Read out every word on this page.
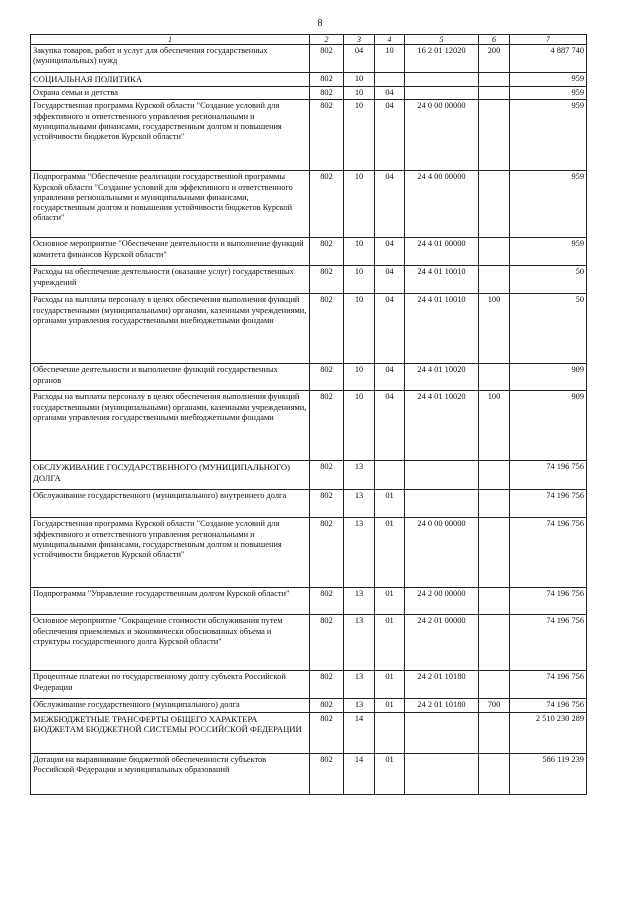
8
1	2	3	4	5	6	7
Закупка товаров, работ и услуг для обеспечения государственных (муниципальных) нужд	802	04	10	16 2 01 12020	200	4 887 740
СОЦИАЛЬНАЯ ПОЛИТИКА	802	10				959
Охрана семьи и детства	802	10	04			959
Государственная программа Курской области "Создание условий для эффективного и ответственного управления региональными и муниципальными финансами, государственным долгом и повышения устойчивости бюджетов Курской области"	802	10	04	24 0 00 00000		959
Подпрограмма "Обеспечение реализации государственной программы Курской области "Создание условий для эффективного и ответственного управления региональными и муниципальными финансами, государственным долгом и повышения устойчивости бюджетов Курской области"	802	10	04	24 4 00 00000		959
Основное мероприятие "Обеспечение деятельности и выполнение функций комитета финансов Курской области"	802	10	04	24 4 01 00000		959
Расходы на обеспечение деятельности (оказание услуг) государственных учреждений	802	10	04	24 4 01 10010		50
Расходы на выплаты персоналу в целях обеспечения выполнения функций государственными (муниципальными) органами, казенными учреждениями, органами управления государственными внебюджетными фондами	802	10	04	24 4 01 10010	100	50
Обеспечение деятельности и выполнение функций государственных органов	802	10	04	24 4 01 10020		909
Расходы на выплаты персоналу в целях обеспечения выполнения функций государственными (муниципальными) органами, казенными учреждениями, органами управления государственными внебюджетными фондами	802	10	04	24 4 01 10020	100	909
ОБСЛУЖИВАНИЕ ГОСУДАРСТВЕННОГО (МУНИЦИПАЛЬНОГО) ДОЛГА	802	13				74 196 756
Обслуживание государственного (муниципального) внутреннего долга	802	13	01			74 196 756
Государственная программа Курской области "Создание условий для эффективного и ответственного управления региональными и муниципальными финансами, государственным долгом и повышения устойчивости бюджетов Курской области"	802	13	01	24 0 00 00000		74 196 756
Подпрограмма "Управление государственным долгом Курской области"	802	13	01	24 2 00 00000		74 196 756
Основное мероприятие "Сокращение стоимости обслуживания путем обеспечения приемлемых и экономически обоснованных объема и структуры государственного долга Курской области"	802	13	01	24 2 01 00000		74 196 756
Процентные платежи по государственному долгу субъекта Российской Федерации	802	13	01	24 2 01 10180		74 196 756
Обслуживание государственного (муниципального) долга	802	13	01	24 2 01 10180	700	74 196 756
МЕЖБЮДЖЕТНЫЕ ТРАНСФЕРТЫ ОБЩЕГО ХАРАКТЕРА БЮДЖЕТАМ БЮДЖЕТНОЙ СИСТЕМЫ РОССИЙСКОЙ ФЕДЕРАЦИИ	802	14				2 510 230 289
Дотации на выравнивание бюджетной обеспеченности субъектов Российской Федерации и муниципальных образований	802	14	01			586 119 239
